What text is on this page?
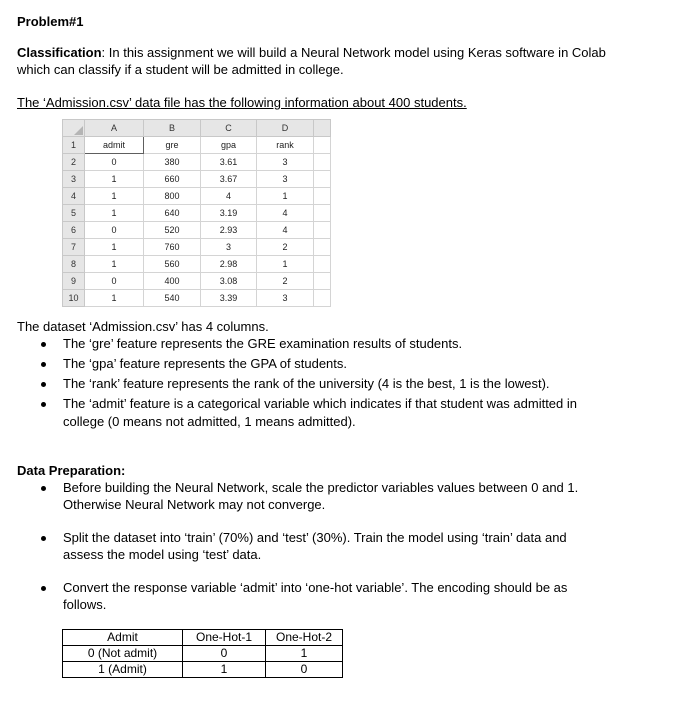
Problem#1
Classification: In this assignment we will build a Neural Network model using Keras software in Colab
which can classify if a student will be admitted in college.
The ‘Admission.csv’ data file has the following information about 400 students.
	A	B	C	D	
1	admit	gre	gpa	rank	
2	0	380	3.61	3	
3	1	660	3.67	3	
4	1	800	4	1	
5	1	640	3.19	4	
6	0	520	2.93	4	
7	1	760	3	2	
8	1	560	2.98	1	
9	0	400	3.08	2	
10	1	540	3.39	3	
The dataset ‘Admission.csv’ has 4 columns.
The ‘gre’ feature represents the GRE examination results of students.
The ‘gpa’ feature represents the GPA of students.
The ‘rank’ feature represents the rank of the university (4 is the best, 1 is the lowest).
The ‘admit’ feature is a categorical variable which indicates if that student was admitted in
college (0 means not admitted, 1 means admitted).
Data Preparation:
Before building the Neural Network, scale the predictor variables values between 0 and 1.
Otherwise Neural Network may not converge.
Split the dataset into ‘train’ (70%) and ‘test’ (30%). Train the model using ‘train’ data and
assess the model using ‘test’ data.
Convert the response variable ‘admit’ into ‘one-hot variable’. The encoding should be as
follows.
Admit	One-Hot-1	One-Hot-2
0 (Not admit)	0	1
1 (Admit)	1	0
